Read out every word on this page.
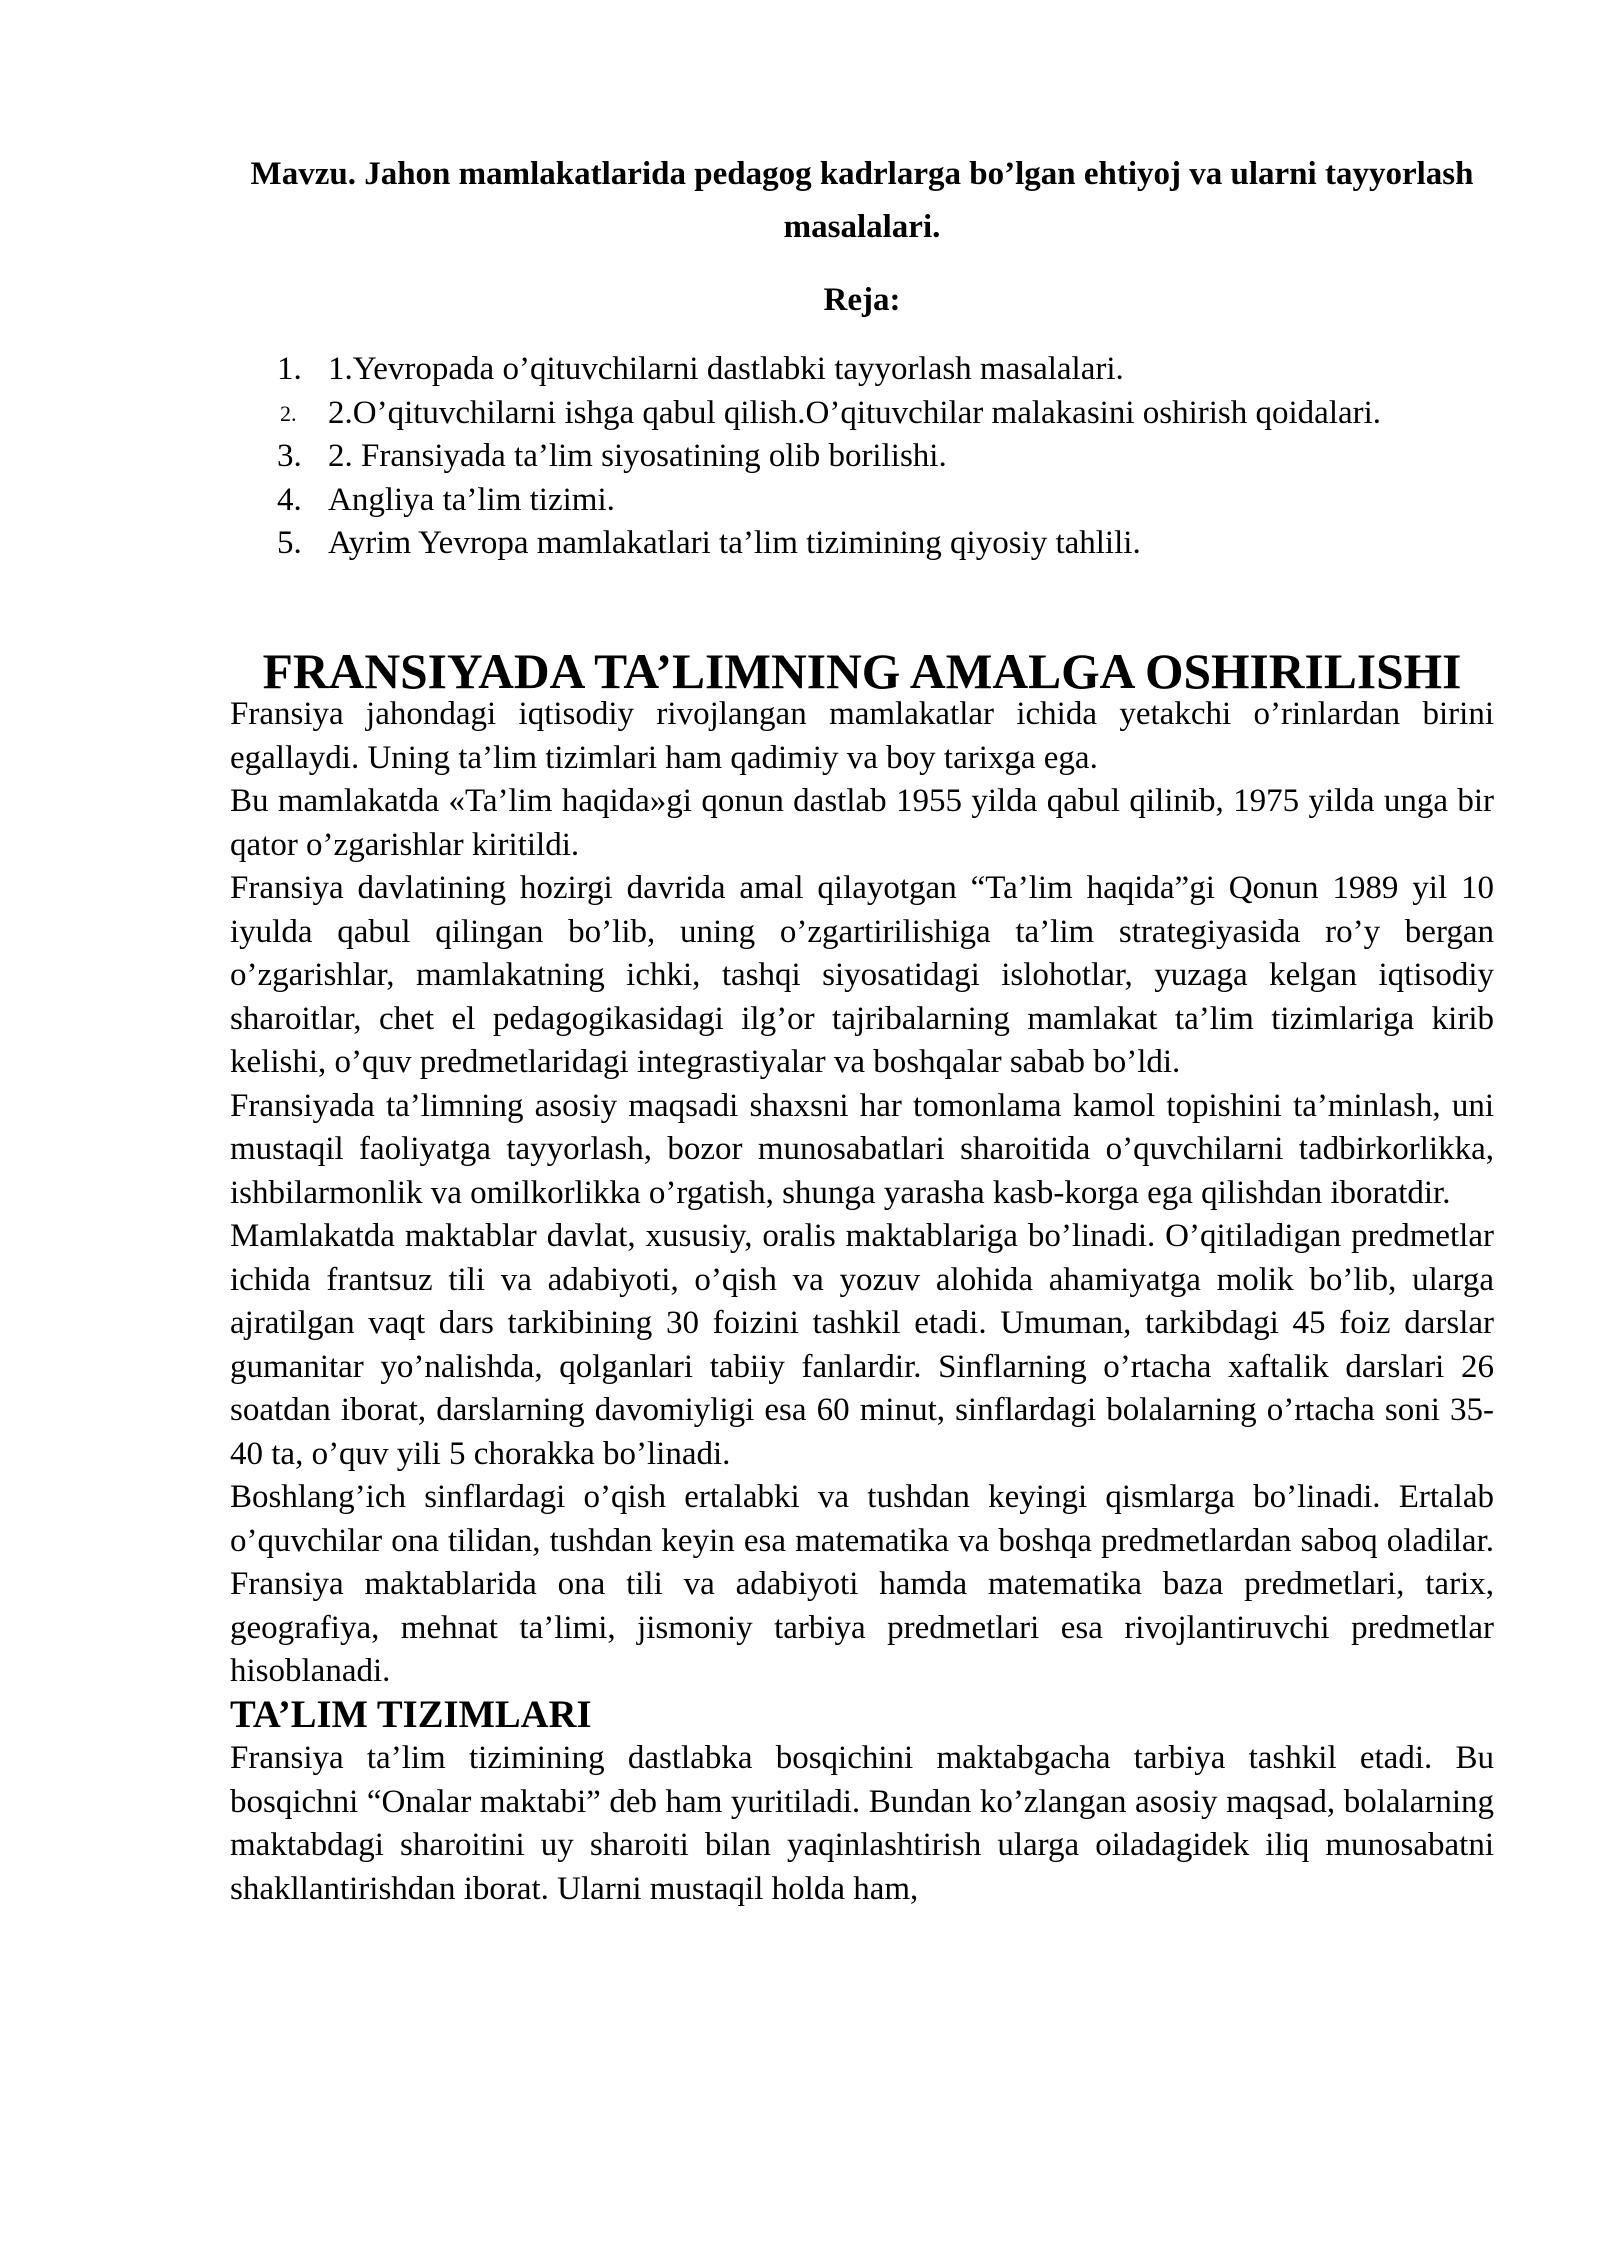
Mavzu. Jahon mamlakatlarida pedagog kadrlarga bo’lgan ehtiyoj va ularni tayyorlash masalalari.
Reja:
1. 1.Yevropada o’qituvchilarni dastlabki tayyorlash masalalari.
2. 2.O’qituvchilarni ishga qabul qilish.O’qituvchilar malakasini oshirish qoidalari.
3. 2. Fransiyada ta’lim siyosatining olib borilishi.
4. Angliya ta’lim tizimi.
5. Ayrim Yevropa mamlakatlari ta’lim tizimining qiyosiy tahlili.
FRANSIYADA TA’LIMNING AMALGA OSHIRILISHI

Fransiya jahondagi iqtisodiy rivojlangan mamlakatlar ichida yetakchi o’rinlardan birini egallaydi. Uning ta’lim tizimlari ham qadimiy va boy tarixga ega.

Bu mamlakatda «Ta’lim haqida»gi qonun dastlab 1955 yilda qabul qilinib, 1975 yilda unga bir qator o’zgarishlar kiritildi.

Fransiya davlatining hozirgi davrida amal qilayotgan “Ta’lim haqida”gi Qonun 1989 yil 10 iyulda qabul qilingan bo’lib, uning o’zgartirilishiga ta’lim strategiyasida ro’y bergan o’zgarishlar, mamlakatning ichki, tashqi siyosatidagi islohotlar, yuzaga kelgan iqtisodiy sharoitlar, chet el pedagogikasidagi ilg’or tajribalarning mamlakat ta’lim tizimlariga kirib kelishi, o’quv predmetlaridagi integrastiyalar va boshqalar sabab bo’ldi.

Fransiyada ta’limning asosiy maqsadi shaxsni har tomonlama kamol topishini ta’minlash, uni mustaqil faoliyatga tayyorlash, bozor munosabatlari sharoitida o’quvchilarni tadbirkorlikka, ishbilarmonlik va omilkorlikka o’rgatish, shunga yarasha kasb-korga ega qilishdan iboratdir.

Mamlakatda maktablar davlat, xususiy, oralis maktablariga bo’linadi. O’qitiladigan predmetlar ichida frantsuz tili va adabiyoti, o’qish va yozuv alohida ahamiyatga molik bo’lib, ularga ajratilgan vaqt dars tarkibining 30 foizini tashkil etadi. Umuman, tarkibdagi 45 foiz darslar gumanitar yo’nalishda, qolganlari tabiiy fanlardir. Sinflarning o’rtacha xaftalik darslari 26 soatdan iborat, darslarning davomiyligi esa 60 minut, sinflardagi bolalarning o’rtacha soni 35-40 ta, o’quv yili 5 chorakka bo’linadi.

Boshlang’ich sinflardagi o’qish ertalabki va tushdan keyingi qismlarga bo’linadi. Ertalab o’quvchilar ona tilidan, tushdan keyin esa matematika va boshqa predmetlardan saboq oladilar. Fransiya maktablarida ona tili va adabiyoti hamda matematika baza predmetlari, tarix, geografiya, mehnat ta’limi, jismoniy tarbiya predmetlari esa rivojlantiruvchi predmetlar hisoblanadi.

TA’LIM TIZIMLARI

Fransiya ta’lim tizimining dastlabka bosqichini maktabgacha tarbiya tashkil etadi. Bu bosqichni “Onalar maktabi” deb ham yuritiladi. Bundan ko’zlangan asosiy maqsad, bolalarning maktabdagi sharoitini uy sharoiti bilan yaqinlashtirish ularga oiladagidek iliq munosabatni shakllantirishdan iborat. Ularni mustaqil holda ham,
